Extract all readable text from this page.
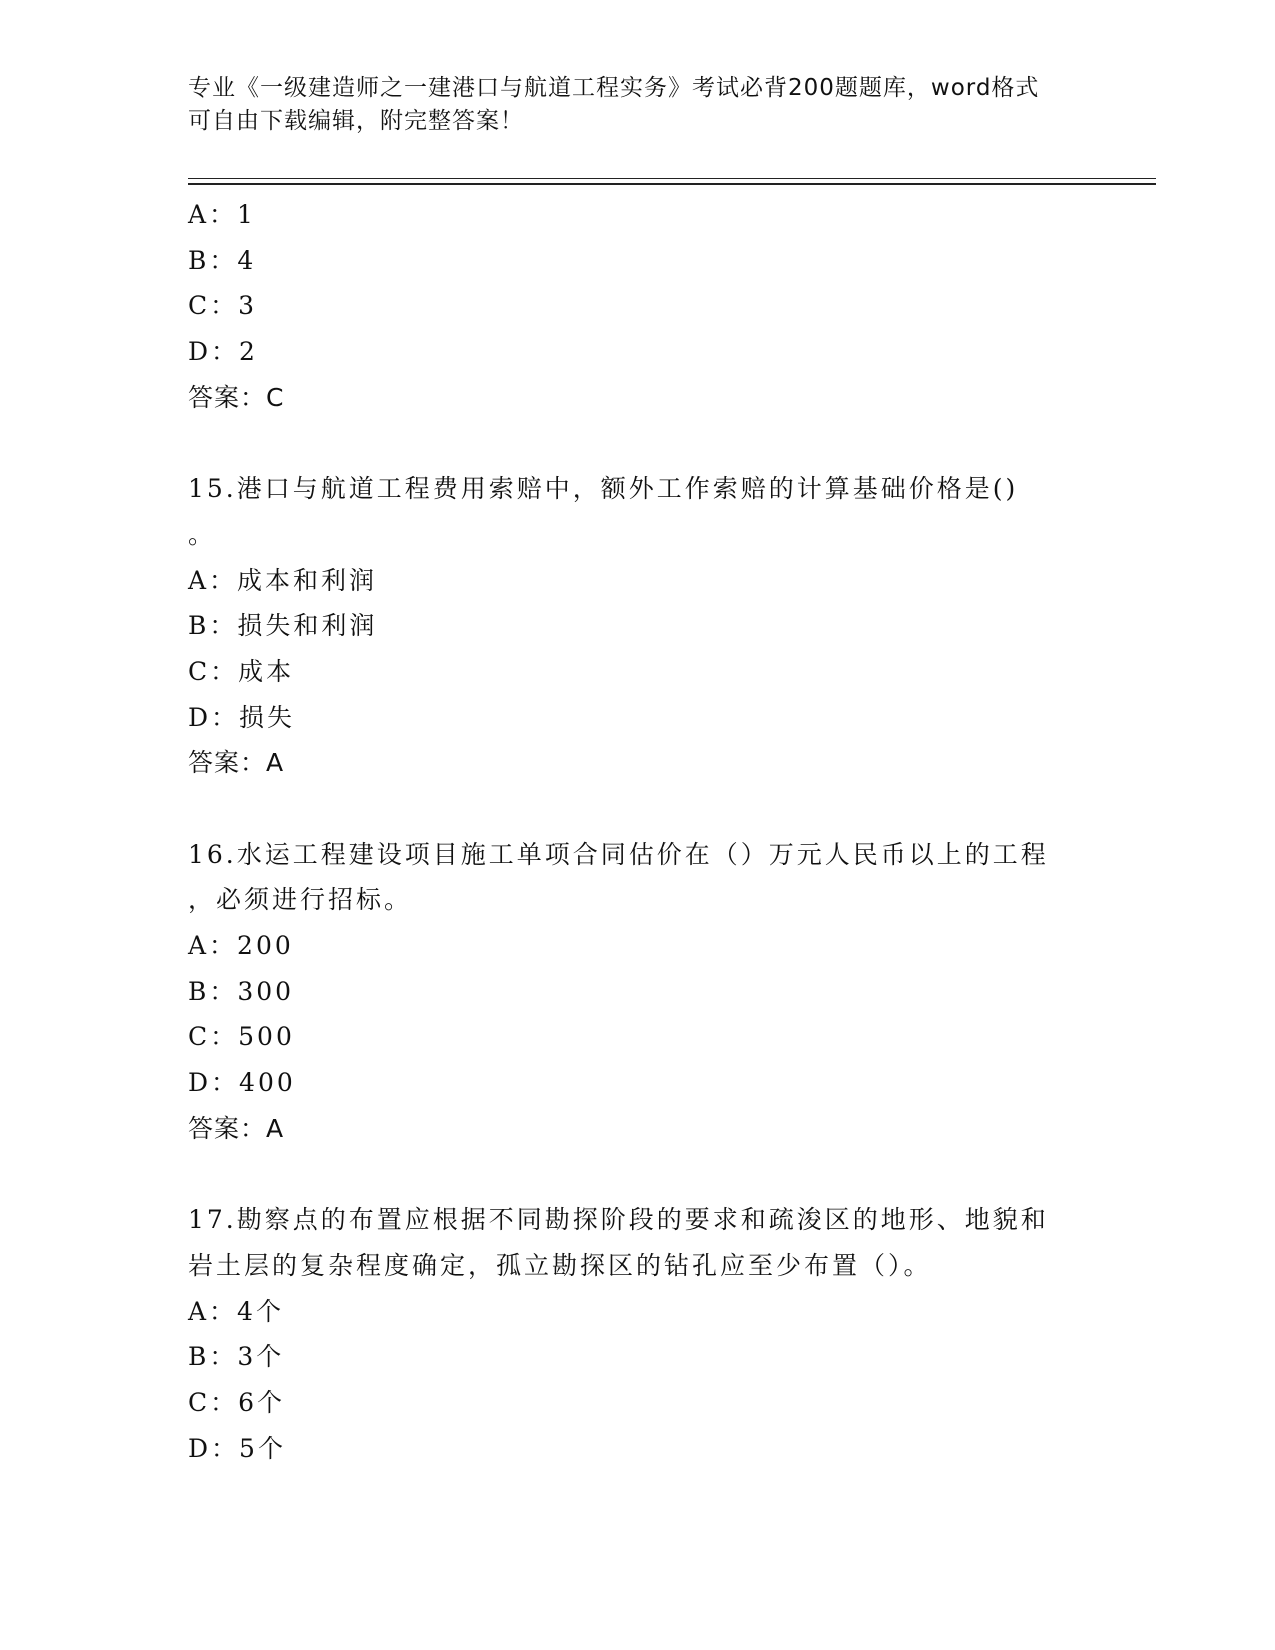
专业《一级建造师之一建港口与航道工程实务》考试必背200题题库，word格式
可自由下载编辑，附完整答案！
A：1
B：4
C：3
D：2
答案：C
15.港口与航道工程费用索赔中，额外工作索赔的计算基础价格是()
。
A：成本和利润
B：损失和利润
C：成本
D：损失
答案：A
16.水运工程建设项目施工单项合同估价在（）万元人民币以上的工程
，必须进行招标。
A：200
B：300
C：500
D：400
答案：A
17.勘察点的布置应根据不同勘探阶段的要求和疏浚区的地形、地貌和
岩土层的复杂程度确定，孤立勘探区的钻孔应至少布置（）。
A：4个
B：3个
C：6个
D：5个
